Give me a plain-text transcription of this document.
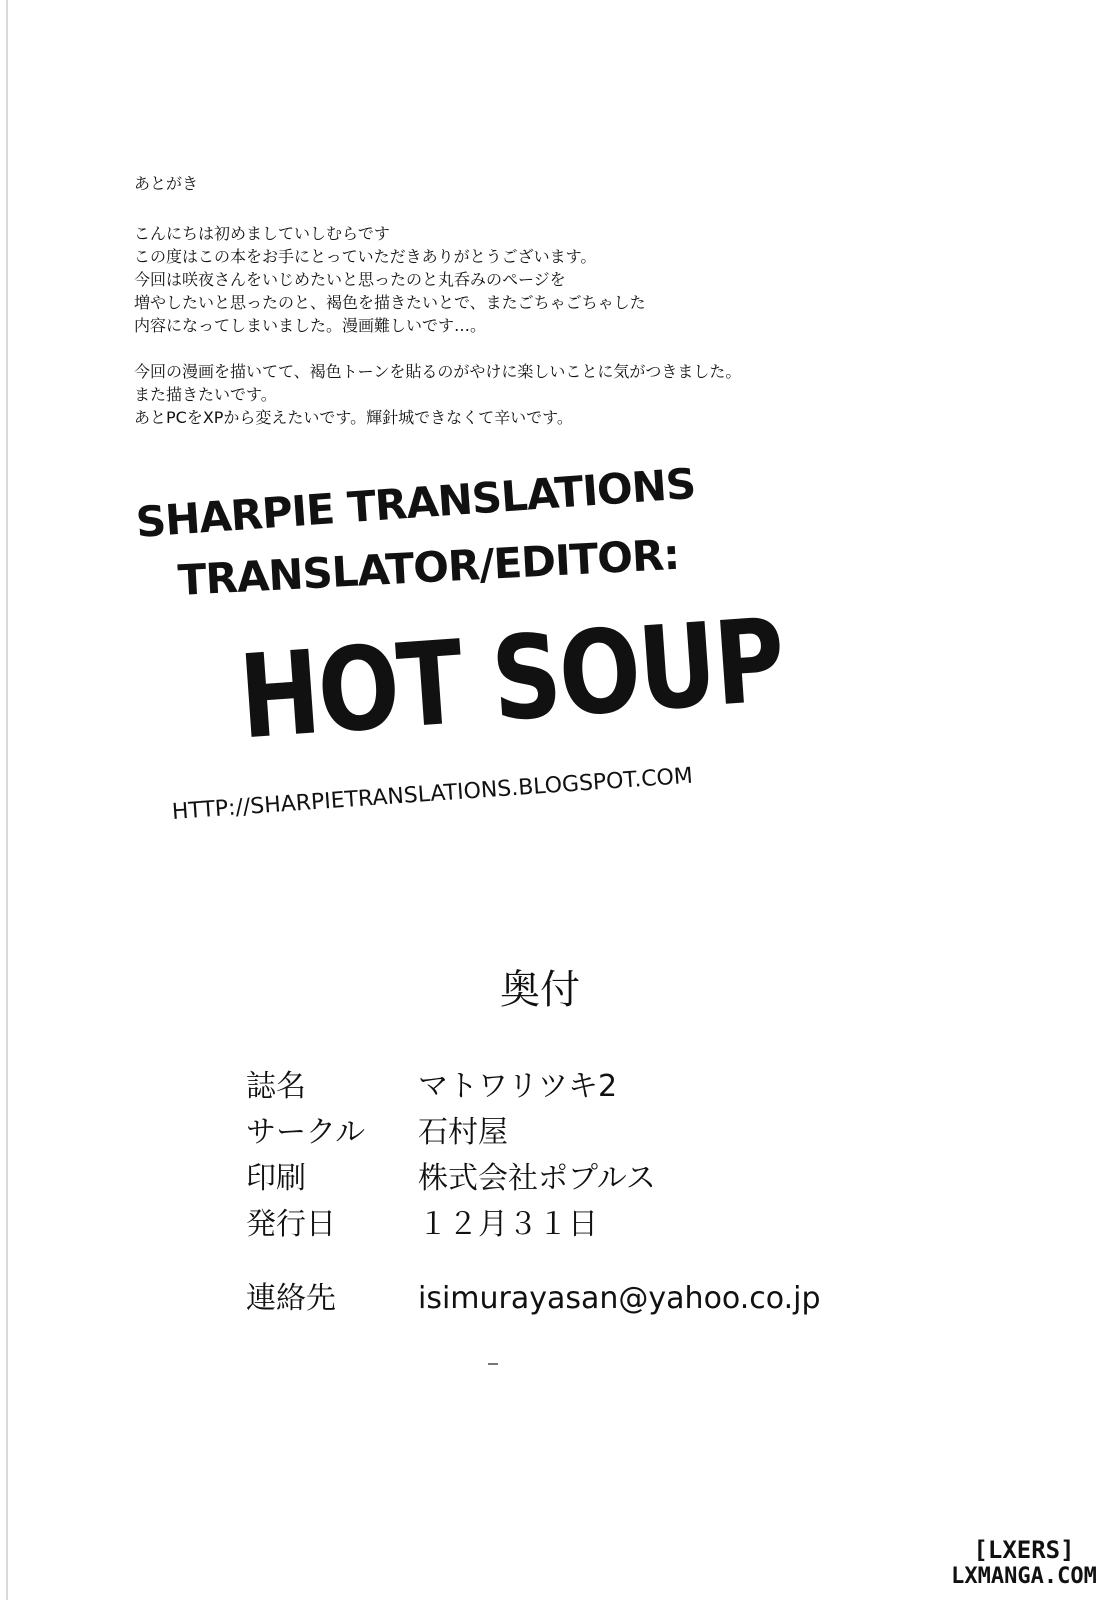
あとがき
こんにちは初めましていしむらです
この度はこの本をお手にとっていただきありがとうございます。
今回は咲夜さんをいじめたいと思ったのと丸呑みのページを
増やしたいと思ったのと、褐色を描きたいとで、またごちゃごちゃした
内容になってしまいました。漫画難しいです…。
今回の漫画を描いてて、褐色トーンを貼るのがやけに楽しいことに気がつきました。
また描きたいです。
あとPCをXPから変えたいです。輝針城できなくて辛いです。
SHARPIE TRANSLATIONS
TRANSLATOR/EDITOR:
HOT SOUP
HTTP://SHARPIETRANSLATIONS.BLOGSPOT.COM
奥付
誌名	マトワリツキ2
サークル	石村屋
印刷	株式会社ポプルス
発行日	１２月３１日
連絡先	isimurayasan@yahoo.co.jp
[LXERS]
LXMANGA.COM
